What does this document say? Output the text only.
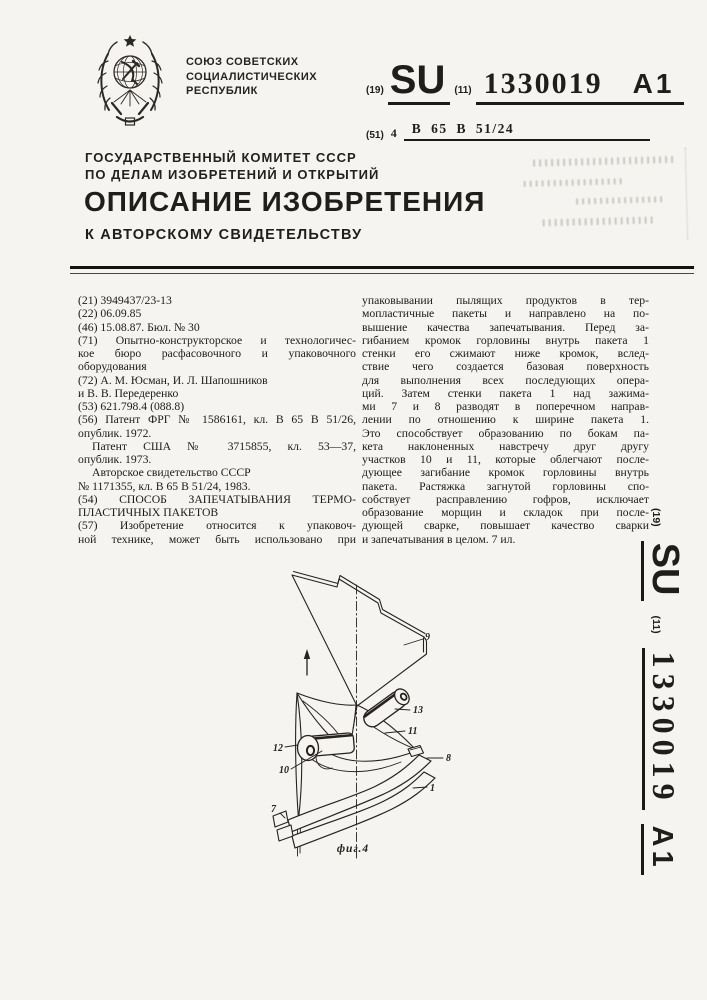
СОЮЗ СОВЕТСКИХ
СОЦИАЛИСТИЧЕСКИХ
РЕСПУБЛИК	(19) SU (11) 1330019 A1
(51) 4	В 65 В 51/24
ГОСУДАРСТВЕННЫЙ КОМИТЕТ СССР
ПО ДЕЛАМ ИЗОБРЕТЕНИЙ И ОТКРЫТИЙ
ОПИСАНИЕ ИЗОБРЕТЕНИЯ
К АВТОРСКОМУ СВИДЕТЕЛЬСТВУ
(21) 3949437/23-13
(22) 06.09.85
(46) 15.08.87. Бюл. № 30
(71) Опытно-конструкторское и технологичес-
кое бюро расфасовочного и упаковочного
оборудования
(72) А. М. Юсман, И. Л. Шапошников
и В. В. Передеренко
(53) 621.798.4 (088.8)
(56) Патент ФРГ № 1586161, кл. В 65 В 51/26,
опублик. 1972.
Патент США № 3715855, кл. 53—37,
опублик. 1973.
Авторское свидетельство СССР
№ 1171355, кл. В 65 В 51/24, 1983.
(54) СПОСОБ ЗАПЕЧАТЫВАНИЯ ТЕРМО-
ПЛАСТИЧНЫХ ПАКЕТОВ
(57) Изобретение относится к упаковоч-
ной технике, может быть использовано при
упаковывании пылящих продуктов в тер-
мопластичные пакеты и направлено на по-
вышение качества запечатывания. Перед за-
гибанием кромок горловины внутрь пакета 1
стенки его сжимают ниже кромок, вслед-
ствие чего создается базовая поверхность
для выполнения всех последующих опера-
ций. Затем стенки пакета 1 над зажима-
ми 7 и 8 разводят в поперечном направ-
лении по отношению к ширине пакета 1.
Это способствует образованию по бокам па-
кета наклоненных навстречу друг другу
участков 10 и 11, которые облегчают после-
дующее загибание кромок горловины внутрь
пакета. Растяжка загнутой горловины спо-
собствует расправлению гофров, исключает
образование морщин и складок при после-
дующей сварке, повышает качество сварки
и запечатывания в целом. 7 ил.
9
13
11
12
10
8
1
7
фиг.4
(19)
SU
(11)
1330019
A1
